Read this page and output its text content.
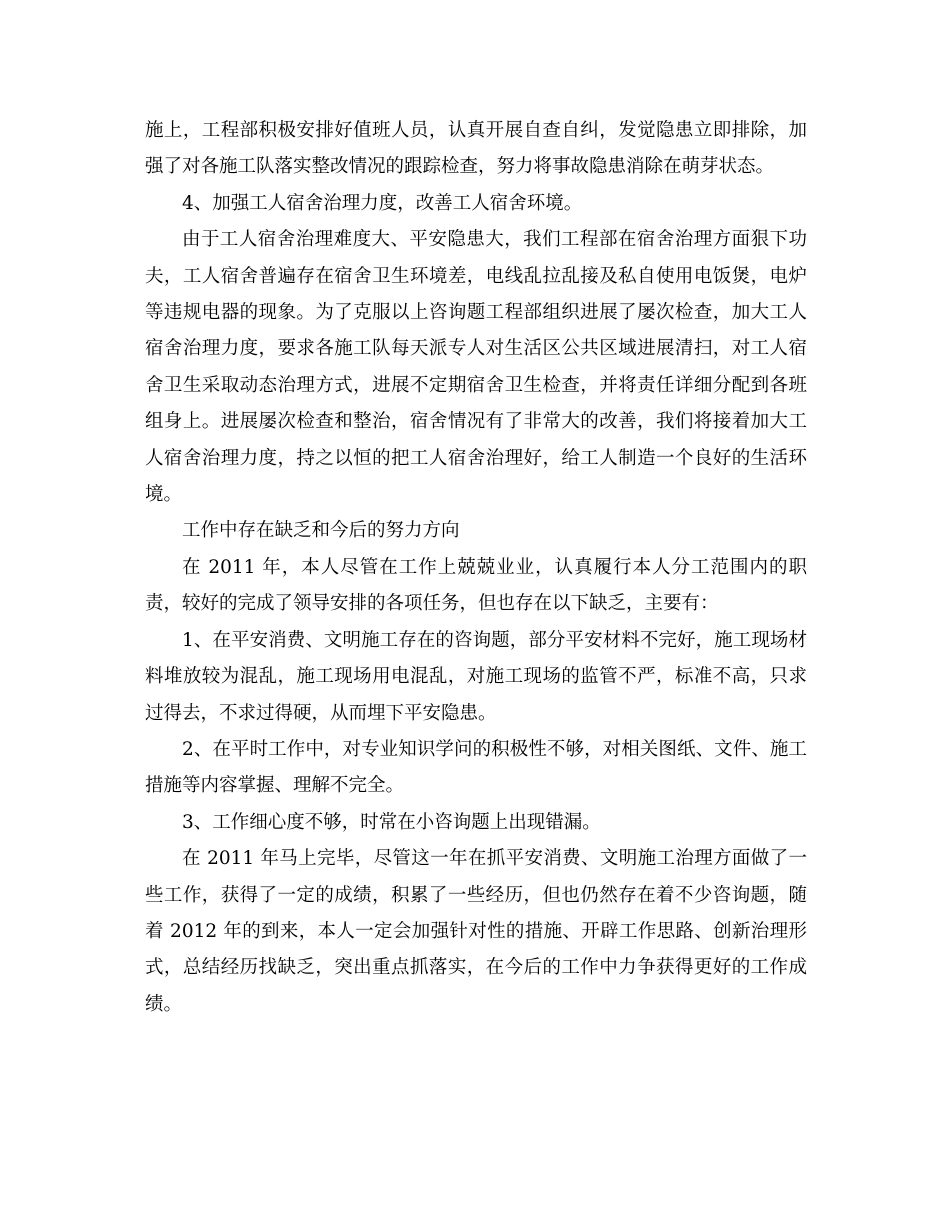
施上，工程部积极安排好值班人员，认真开展自查自纠，发觉隐患立即排除，加强了对各施工队落实整改情况的跟踪检查，努力将事故隐患消除在萌芽状态。

4、加强工人宿舍治理力度，改善工人宿舍环境。

由于工人宿舍治理难度大、平安隐患大，我们工程部在宿舍治理方面狠下功夫，工人宿舍普遍存在宿舍卫生环境差，电线乱拉乱接及私自使用电饭煲，电炉等违规电器的现象。为了克服以上咨询题工程部组织进展了屡次检查，加大工人宿舍治理力度，要求各施工队每天派专人对生活区公共区域进展清扫，对工人宿舍卫生采取动态治理方式，进展不定期宿舍卫生检查，并将责任详细分配到各班组身上。进展屡次检查和整治，宿舍情况有了非常大的改善，我们将接着加大工人宿舍治理力度，持之以恒的把工人宿舍治理好，给工人制造一个良好的生活环境。

工作中存在缺乏和今后的努力方向

在 2011 年，本人尽管在工作上兢兢业业，认真履行本人分工范围内的职责，较好的完成了领导安排的各项任务，但也存在以下缺乏，主要有：

1、在平安消费、文明施工存在的咨询题，部分平安材料不完好，施工现场材料堆放较为混乱，施工现场用电混乱，对施工现场的监管不严，标准不高，只求过得去，不求过得硬，从而埋下平安隐患。

2、在平时工作中，对专业知识学问的积极性不够，对相关图纸、文件、施工措施等内容掌握、理解不完全。

3、工作细心度不够，时常在小咨询题上出现错漏。

在 2011 年马上完毕，尽管这一年在抓平安消费、文明施工治理方面做了一些工作，获得了一定的成绩，积累了一些经历，但也仍然存在着不少咨询题，随着 2012 年的到来，本人一定会加强针对性的措施、开辟工作思路、创新治理形式，总结经历找缺乏，突出重点抓落实，在今后的工作中力争获得更好的工作成绩。
